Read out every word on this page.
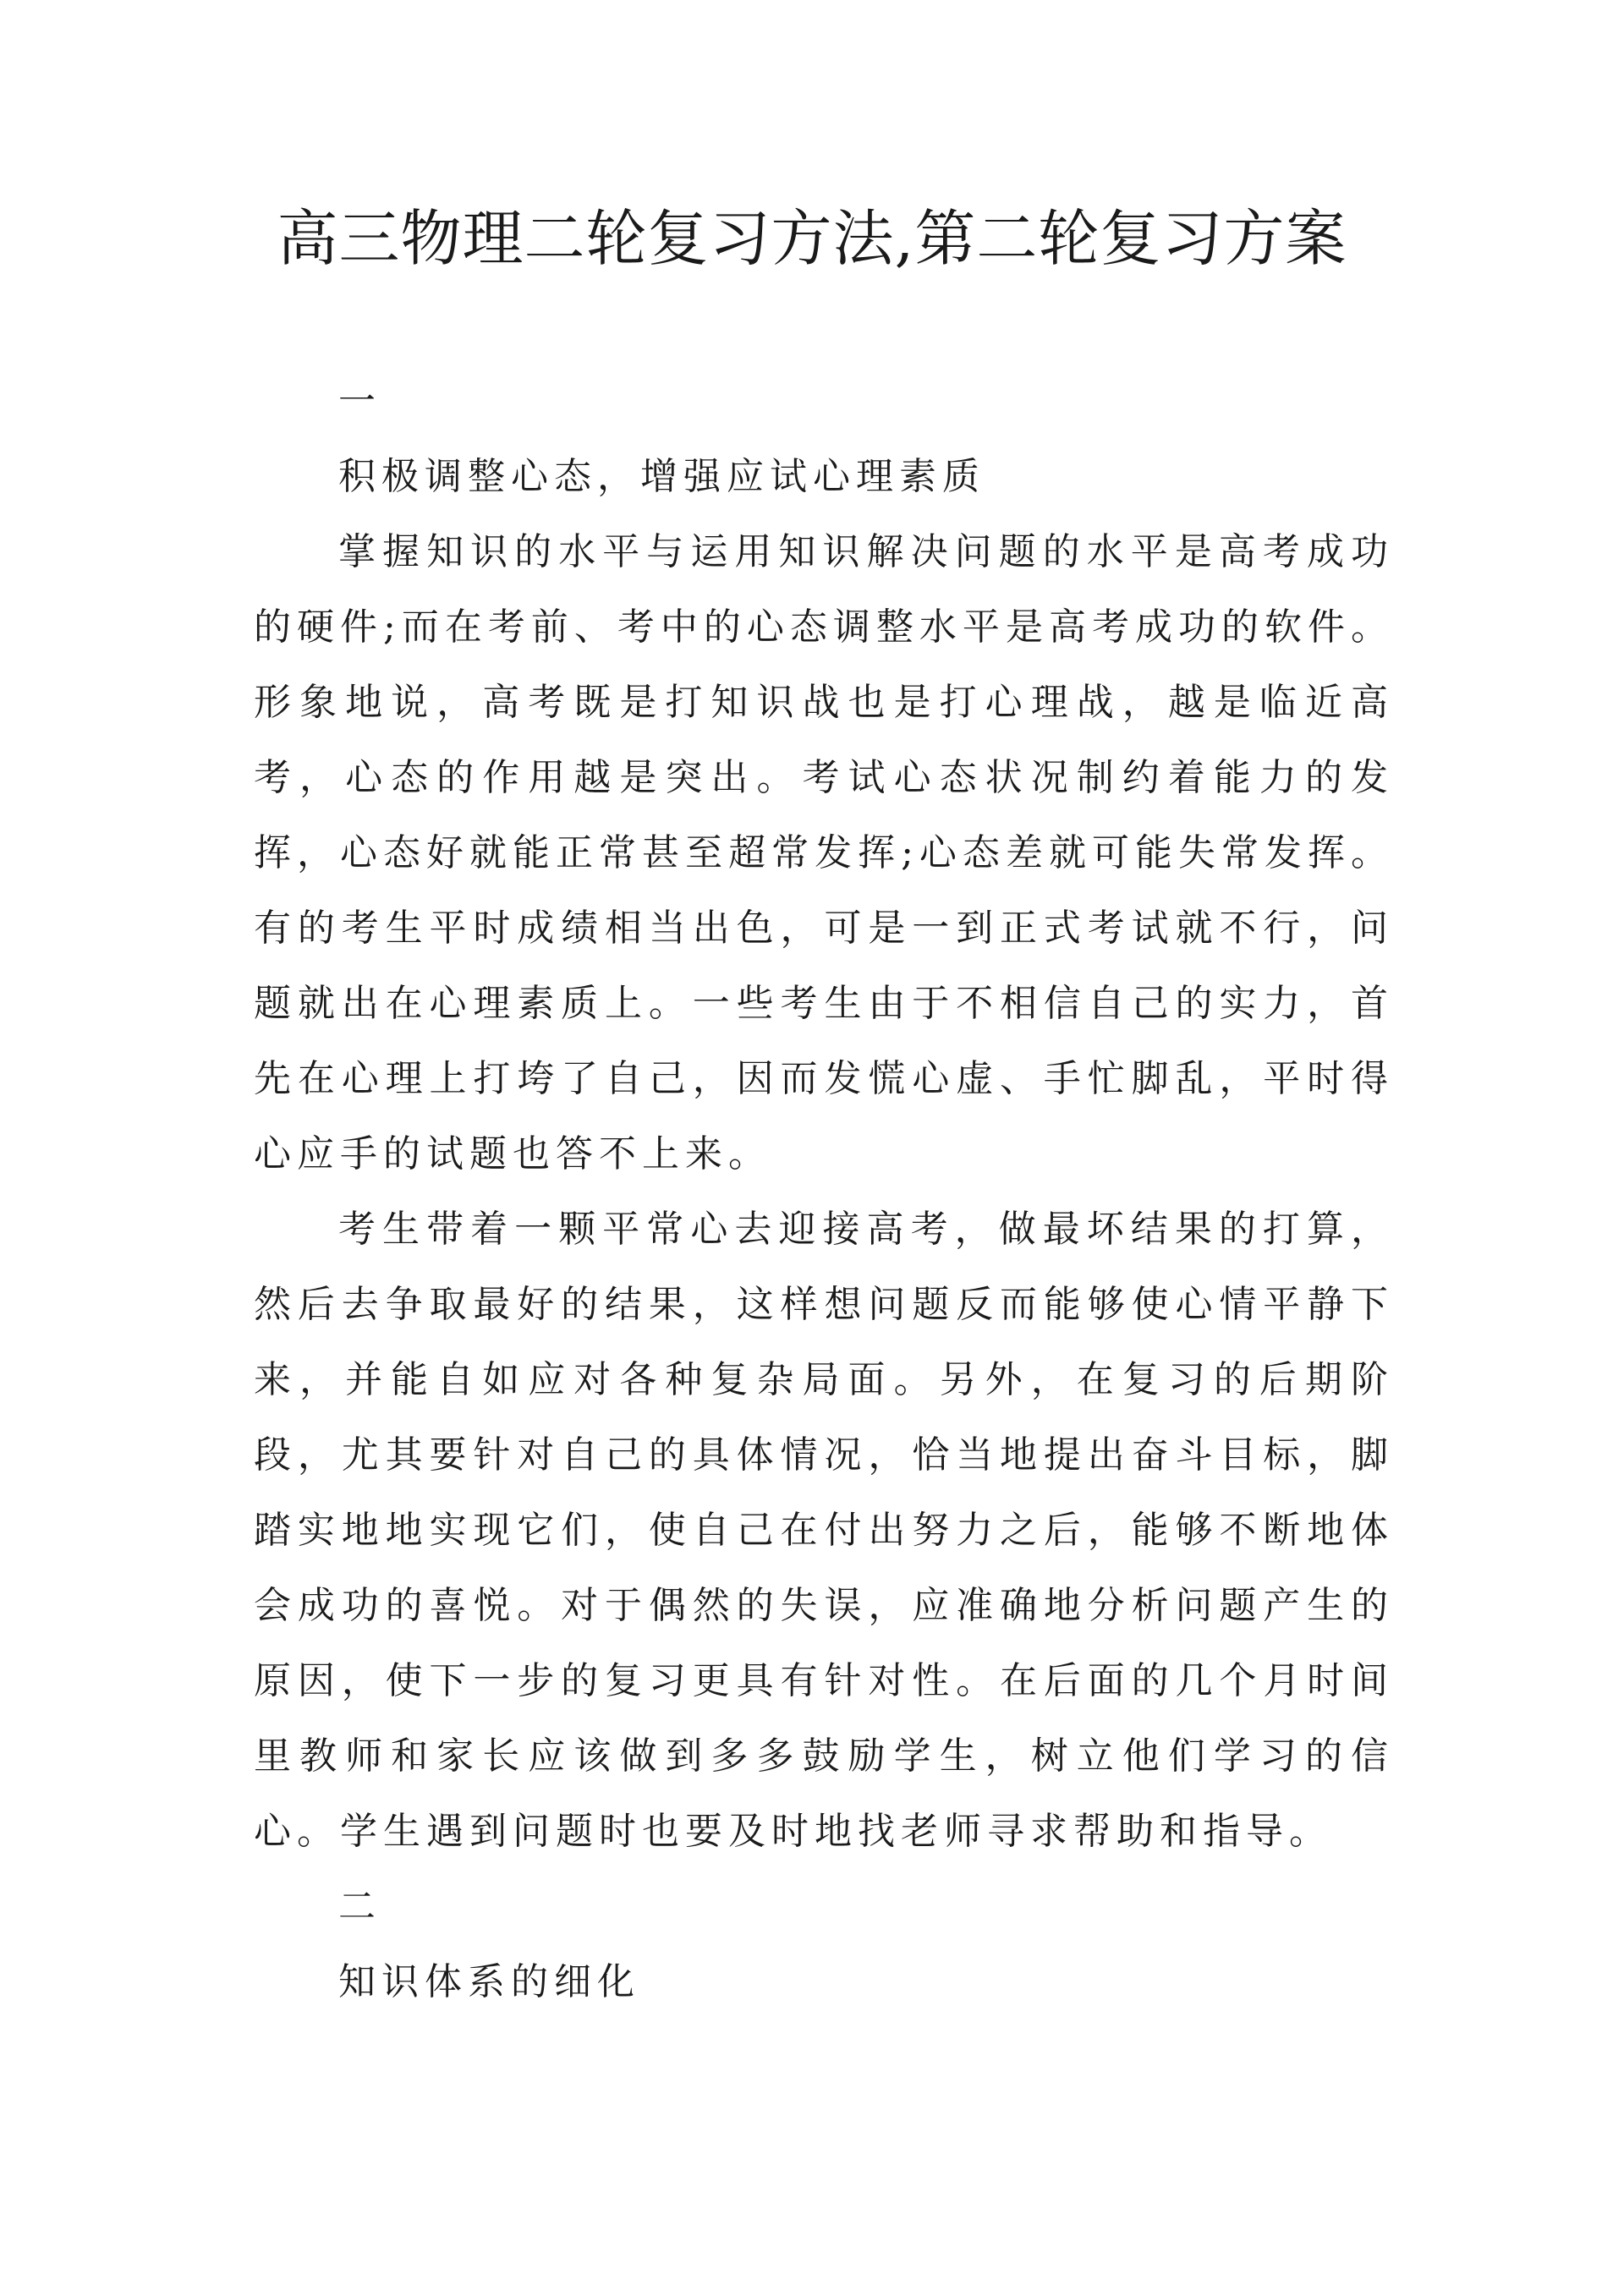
高三物理二轮复习方法,第二轮复习方案

一

积极调整心态，增强应试心理素质

掌握知识的水平与运用知识解决问题的水平是高考成功的硬件;而在考前、考中的心态调整水平是高考成功的软件。形象地说，高考既是打知识战也是打心理战，越是临近高考，心态的作用越是突出。考试心态状况制约着能力的发挥，心态好就能正常甚至超常发挥;心态差就可能失常发挥。有的考生平时成绩相当出色，可是一到正式考试就不行，问题就出在心理素质上。一些考生由于不相信自己的实力，首先在心理上打垮了自己，因而发慌心虚、手忙脚乱，平时得心应手的试题也答不上来。

考生带着一颗平常心去迎接高考，做最坏结果的打算，然后去争取最好的结果，这样想问题反而能够使心情平静下来，并能自如应对各种复杂局面。另外，在复习的后期阶段，尤其要针对自己的具体情况，恰当地提出奋斗目标，脚踏实地地实现它们，使自己在付出努力之后，能够不断地体会成功的喜悦。对于偶然的失误，应准确地分析问题产生的原因，使下一步的复习更具有针对性。在后面的几个月时间里教师和家长应该做到多多鼓励学生，树立他们学习的信心。学生遇到问题时也要及时地找老师寻求帮助和指导。

二

知识体系的细化
